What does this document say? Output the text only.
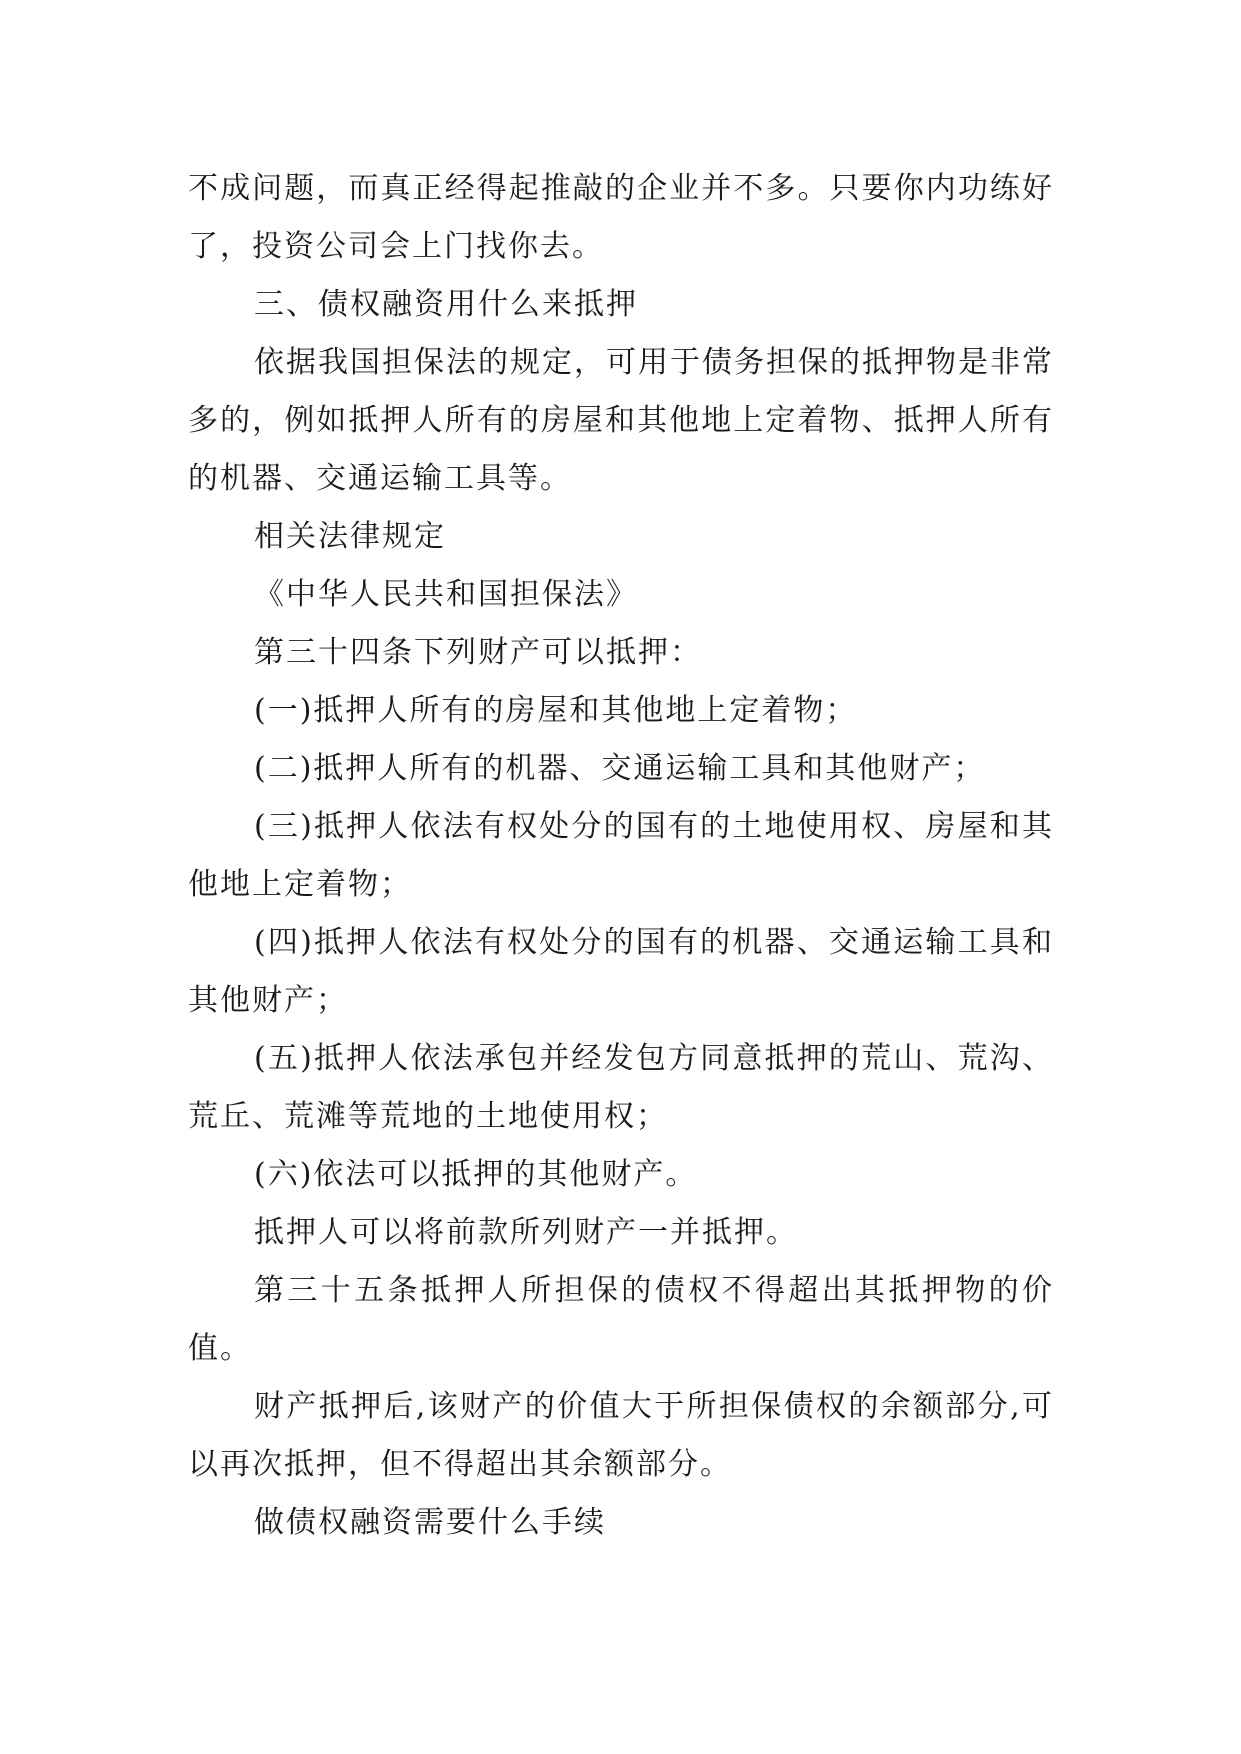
不成问题，而真正经得起推敲的企业并不多。只要你内功练好了，投资公司会上门找你去。

三、债权融资用什么来抵押

依据我国担保法的规定，可用于债务担保的抵押物是非常多的，例如抵押人所有的房屋和其他地上定着物、抵押人所有的机器、交通运输工具等。

相关法律规定

《中华人民共和国担保法》

第三十四条下列财产可以抵押：

(一)抵押人所有的房屋和其他地上定着物；

(二)抵押人所有的机器、交通运输工具和其他财产；

(三)抵押人依法有权处分的国有的土地使用权、房屋和其他地上定着物；

(四)抵押人依法有权处分的国有的机器、交通运输工具和其他财产；

(五)抵押人依法承包并经发包方同意抵押的荒山、荒沟、荒丘、荒滩等荒地的土地使用权；

(六)依法可以抵押的其他财产。

抵押人可以将前款所列财产一并抵押。

第三十五条抵押人所担保的债权不得超出其抵押物的价值。

财产抵押后,该财产的价值大于所担保债权的余额部分,可以再次抵押，但不得超出其余额部分。

做债权融资需要什么手续
